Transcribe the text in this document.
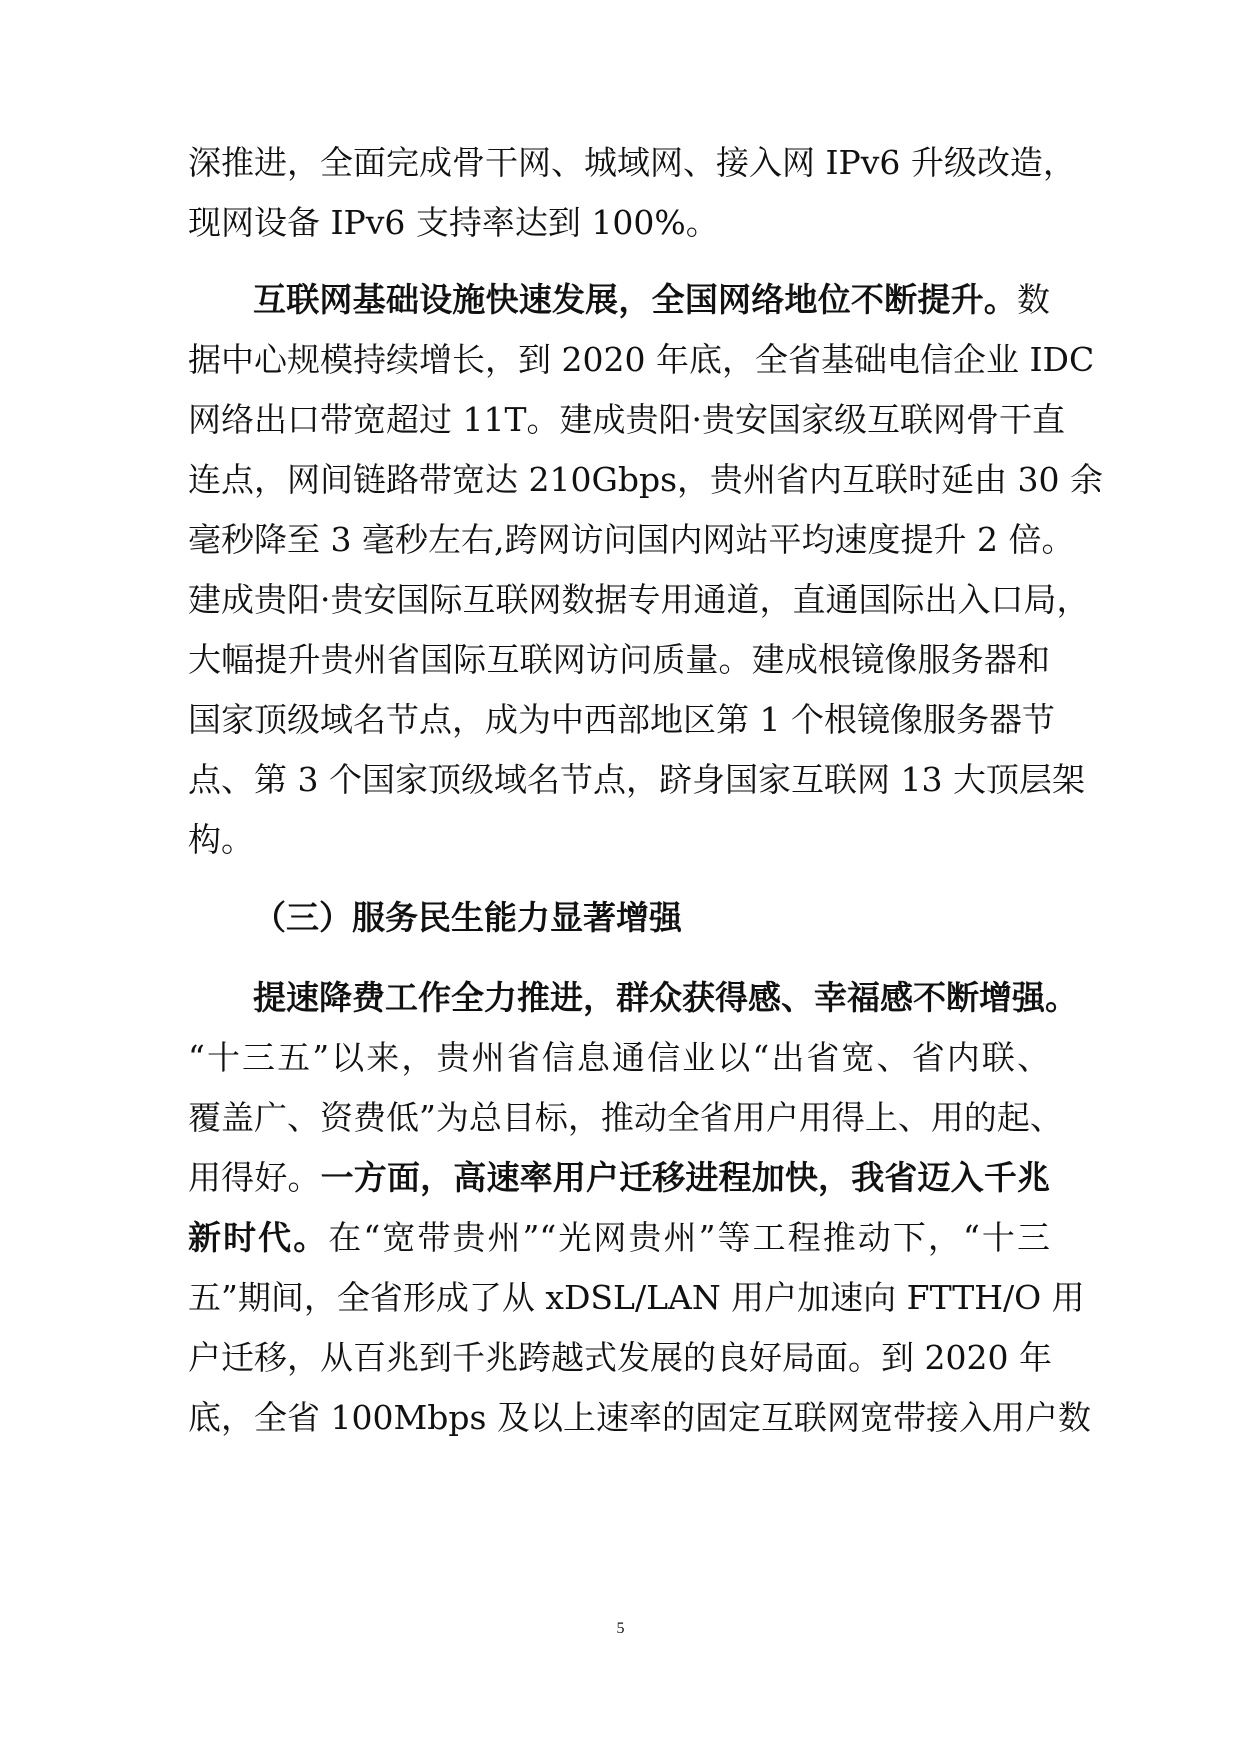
深推进，全面完成骨干网、城域网、接入网 IPv6 升级改造，
现网设备 IPv6 支持率达到 100%。
互联网基础设施快速发展，全国网络地位不断提升。数
据中心规模持续增长，到 2020 年底，全省基础电信企业 IDC
网络出口带宽超过 11T。建成贵阳·贵安国家级互联网骨干直
连点，网间链路带宽达 210Gbps，贵州省内互联时延由 30 余
毫秒降至 3 毫秒左右,跨网访问国内网站平均速度提升 2 倍。
建成贵阳·贵安国际互联网数据专用通道，直通国际出入口局，
大幅提升贵州省国际互联网访问质量。建成根镜像服务器和
国家顶级域名节点，成为中西部地区第 1 个根镜像服务器节
点、第 3 个国家顶级域名节点，跻身国家互联网 13 大顶层架
构。
（三）服务民生能力显著增强
提速降费工作全力推进，群众获得感、幸福感不断增强。
“十三五”以来，贵州省信息通信业以“出省宽、省内联、
覆盖广、资费低”为总目标，推动全省用户用得上、用的起、
用得好。一方面，高速率用户迁移进程加快，我省迈入千兆
新时代。在“宽带贵州”“光网贵州”等工程推动下，“十三
五”期间，全省形成了从 xDSL/LAN 用户加速向 FTTH/O 用
户迁移，从百兆到千兆跨越式发展的良好局面。到 2020 年
底，全省 100Mbps 及以上速率的固定互联网宽带接入用户数
5
